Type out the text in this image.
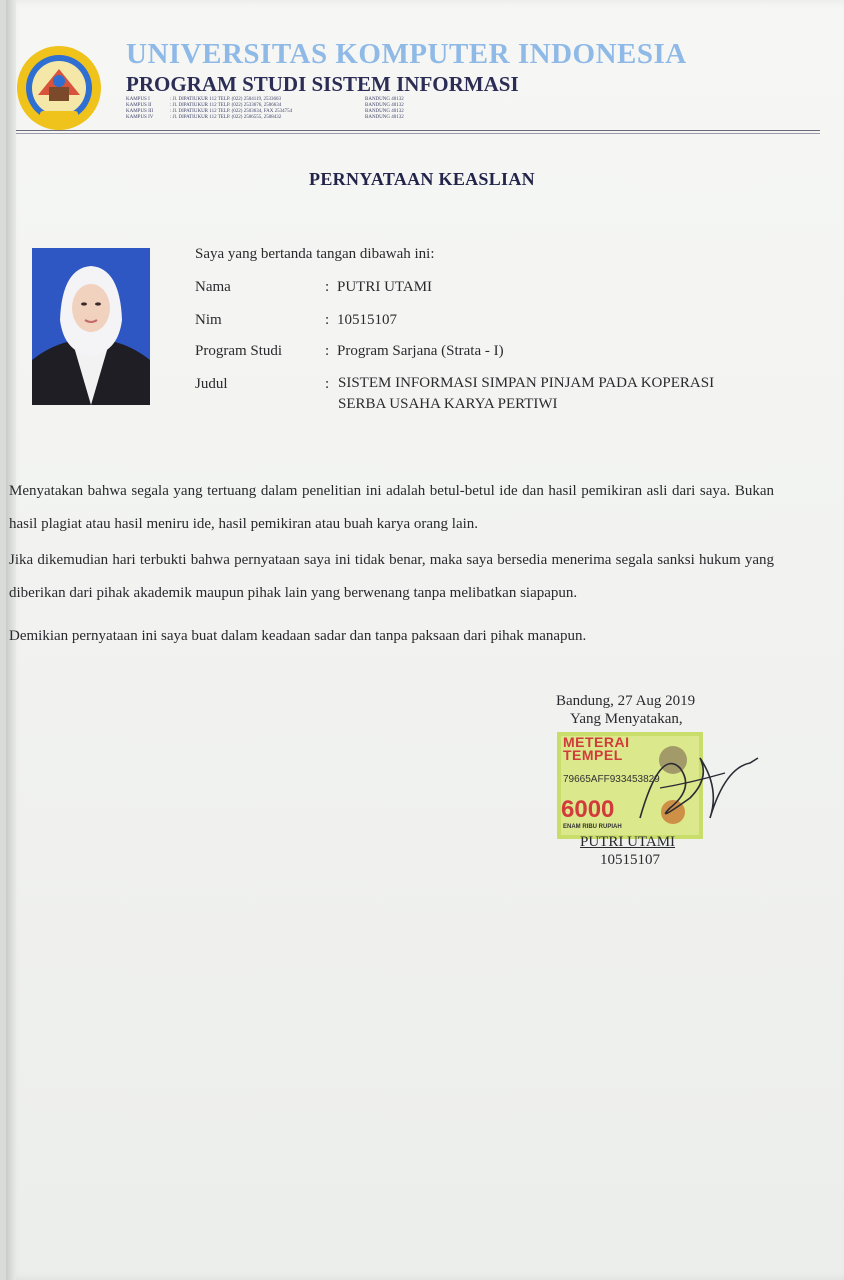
UNIVERSITAS KOMPUTER INDONESIA
PROGRAM STUDI SISTEM INFORMASI
KAMPUS I	: Jl. DIPATIUKUR 112 TELP. (022) 2504119, 2533603	BANDUNG 40132
KAMPUS II	: Jl. DIPATIUKUR 112 TELP. (022) 2533676, 2506634	BANDUNG 40132
KAMPUS III	: Jl. DIPATIUKUR 112 TELP. (022) 2503634, FAX 2534754	BANDUNG 40132
KAMPUS IV	: Jl. DIPATIUKUR 112 TELP. (022) 2506555, 2508432	BANDUNG 40132
PERNYATAAN KEASLIAN
Saya yang bertanda tangan dibawah ini:
Nama	: PUTRI UTAMI
Nim	: 10515107
Program Studi	: Program Sarjana (Strata - I)
Judul	: SISTEM INFORMASI SIMPAN PINJAM PADA KOPERASI
SERBA USAHA KARYA PERTIWI
Menyatakan bahwa segala yang tertuang dalam penelitian ini adalah betul-betul ide dan hasil pemikiran asli dari saya. Bukan hasil plagiat atau hasil meniru ide, hasil pemikiran atau buah karya orang lain.
Jika dikemudian hari terbukti bahwa pernyataan saya ini tidak benar, maka saya bersedia menerima segala sanksi hukum yang diberikan dari pihak akademik maupun pihak lain yang berwenang tanpa melibatkan siapapun.
Demikian pernyataan ini saya buat dalam keadaan sadar dan tanpa paksaan dari pihak manapun.
Bandung, 27 Aug 2019
Yang Menyatakan,
METERAI
TEMPEL
79665AFF933453829
6000
ENAM RIBU RUPIAH
PUTRI UTAMI
10515107
